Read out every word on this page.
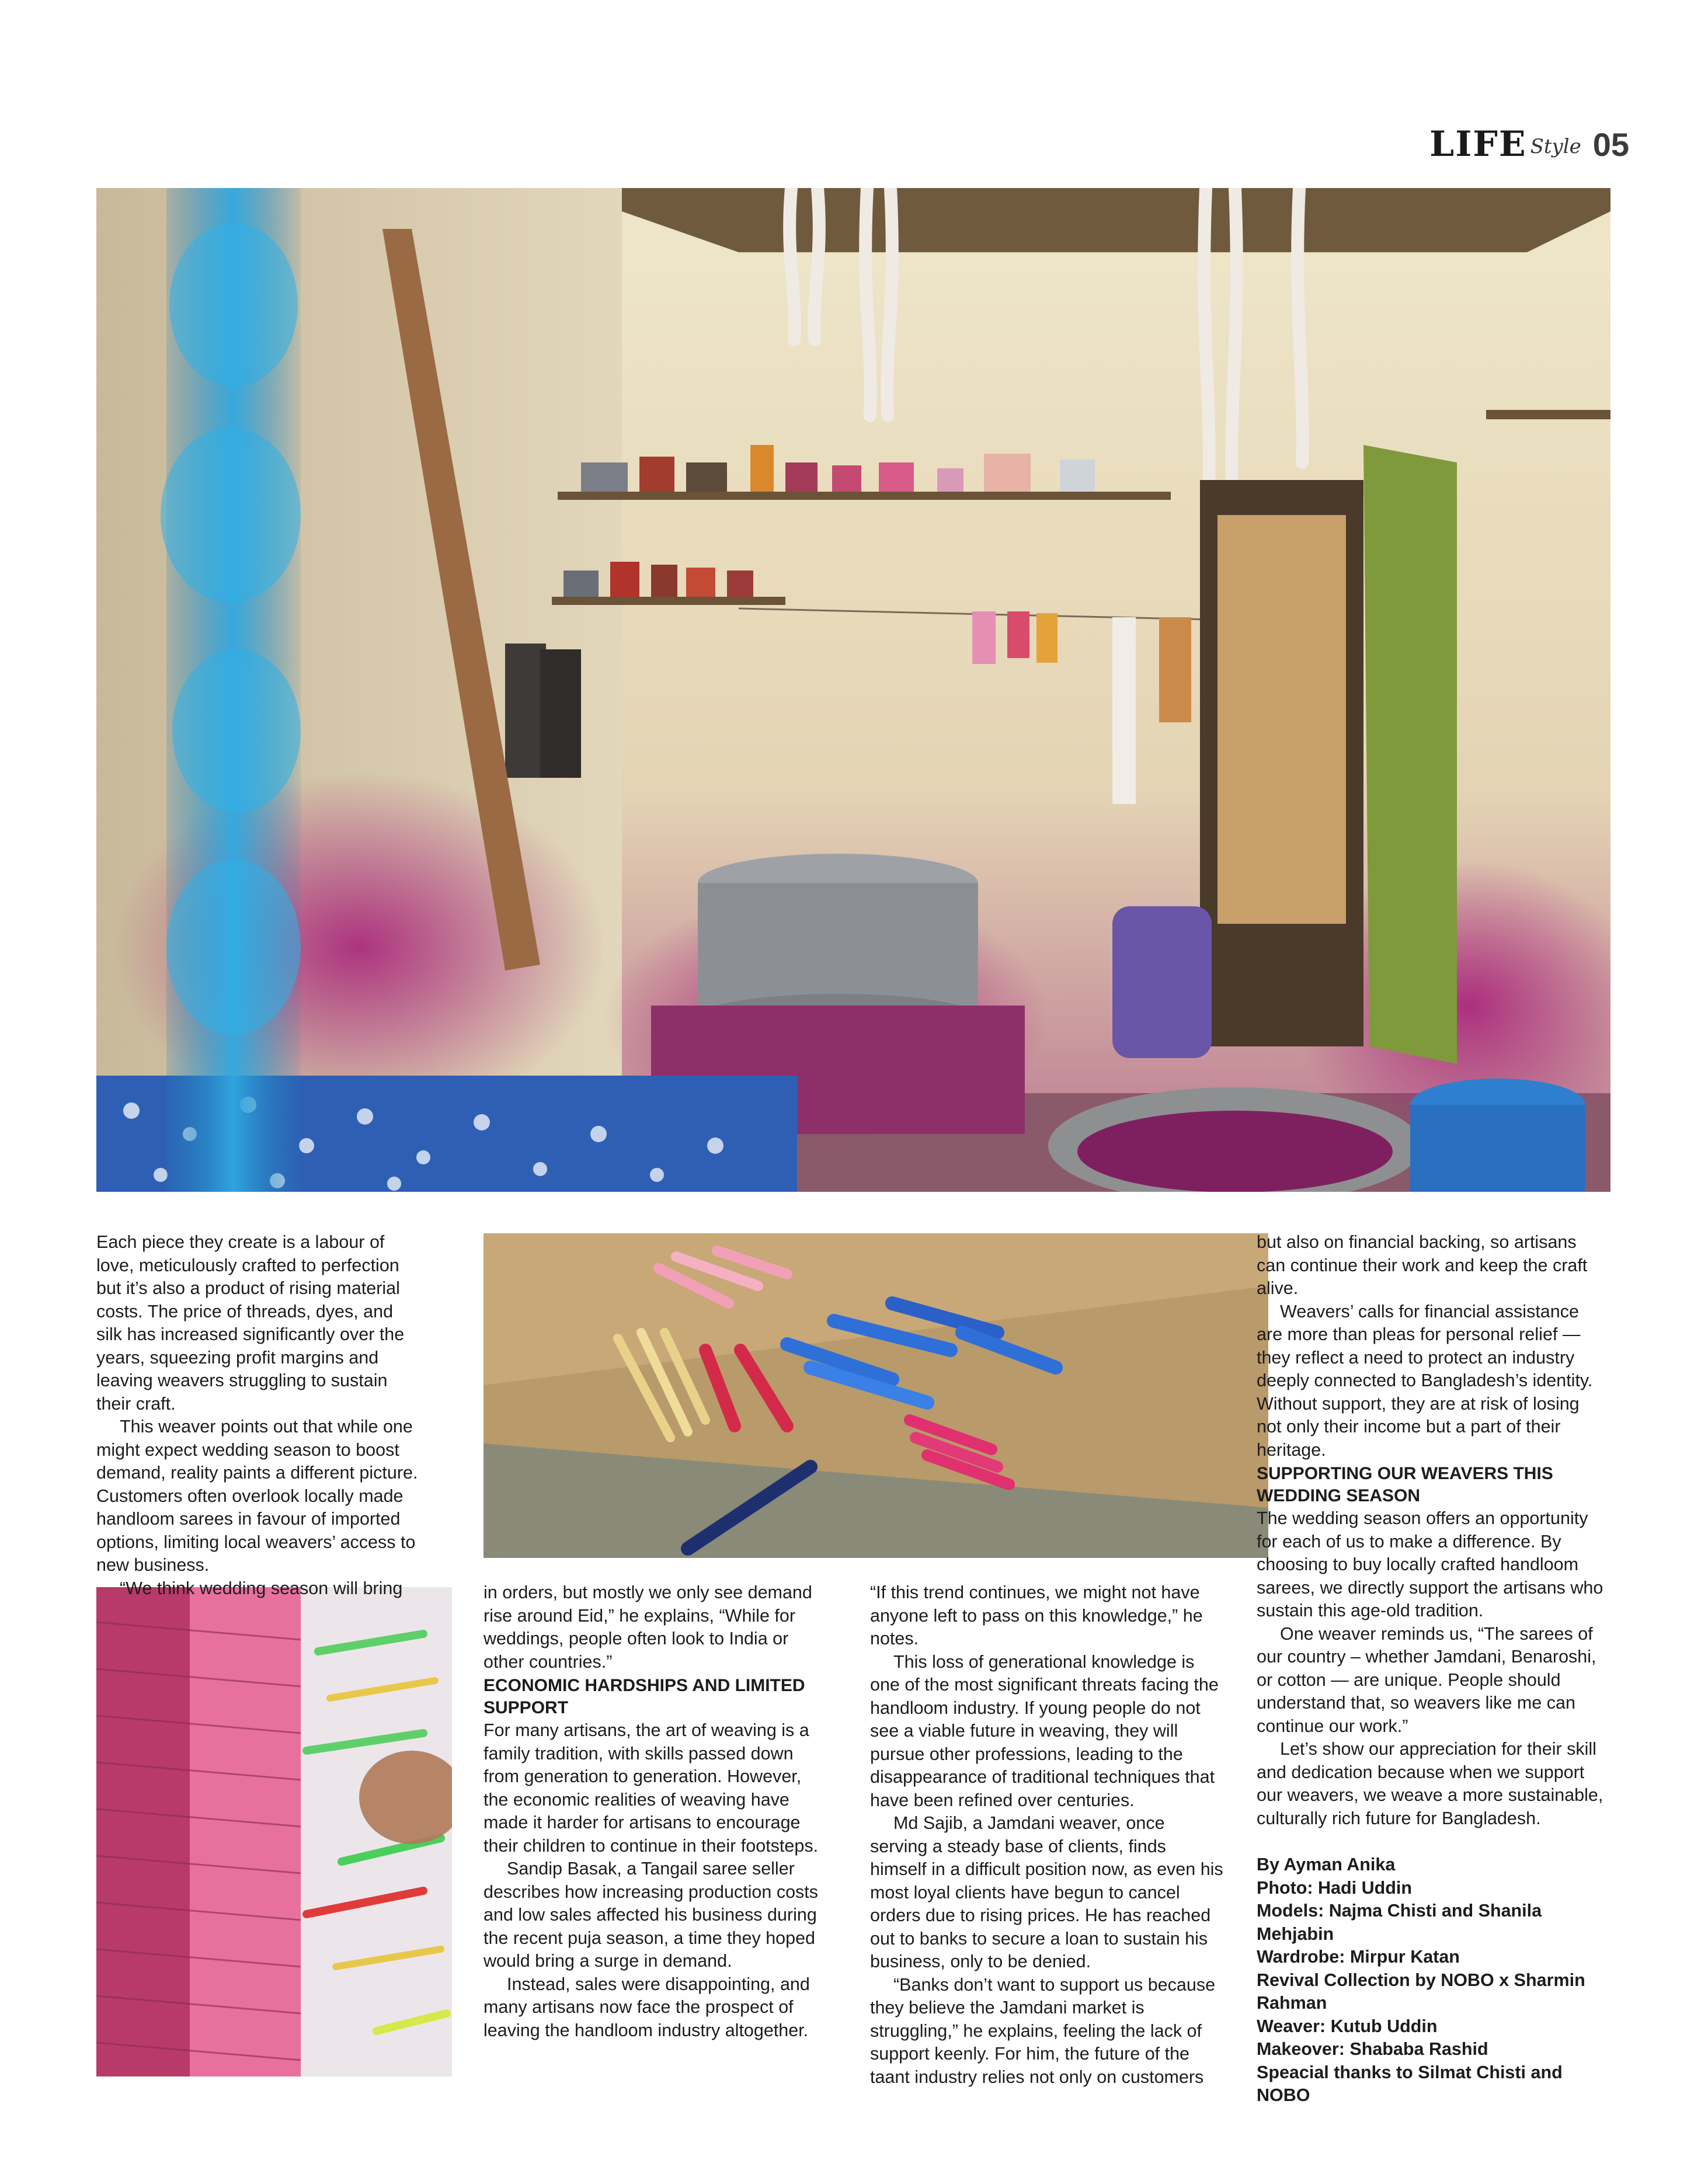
LIFE Style 05

Each piece they create is a labour of love, meticulously crafted to perfection but it’s also a product of rising material costs. The price of threads, dyes, and silk has increased significantly over the years, squeezing profit margins and leaving weavers struggling to sustain their craft.

This weaver points out that while one might expect wedding season to boost demand, reality paints a different picture. Customers often overlook locally made handloom sarees in favour of imported options, limiting local weavers’ access to new business.

“We think wedding season will bring	in orders, but mostly we only see demand rise around Eid,” he explains, “While for weddings, people often look to India or other countries.”

ECONOMIC HARDSHIPS AND LIMITED SUPPORT

For many artisans, the art of weaving is a family tradition, with skills passed down from generation to generation. However, the economic realities of weaving have made it harder for artisans to encourage their children to continue in their footsteps.

Sandip Basak, a Tangail saree seller describes how increasing production costs and low sales affected his business during the recent puja season, a time they hoped would bring a surge in demand.

Instead, sales were disappointing, and many artisans now face the prospect of leaving the handloom industry altogether.

“If this trend continues, we might not have anyone left to pass on this knowledge,” he notes.

This loss of generational knowledge is one of the most significant threats facing the handloom industry. If young people do not see a viable future in weaving, they will pursue other professions, leading to the disappearance of traditional techniques that have been refined over centuries.

Md Sajib, a Jamdani weaver, once serving a steady base of clients, finds himself in a difficult position now, as even his most loyal clients have begun to cancel orders due to rising prices. He has reached out to banks to secure a loan to sustain his business, only to be denied.

“Banks don’t want to support us because they believe the Jamdani market is struggling,” he explains, feeling the lack of support keenly. For him, the future of the taant industry relies not only on customers

but also on financial backing, so artisans can continue their work and keep the craft alive.

Weavers’ calls for financial assistance are more than pleas for personal relief — they reflect a need to protect an industry deeply connected to Bangladesh’s identity. Without support, they are at risk of losing not only their income but a part of their heritage.

SUPPORTING OUR WEAVERS THIS WEDDING SEASON

The wedding season offers an opportunity for each of us to make a difference. By choosing to buy locally crafted handloom sarees, we directly support the artisans who sustain this age-old tradition.

One weaver reminds us, “The sarees of our country – whether Jamdani, Benaroshi, or cotton — are unique. People should understand that, so weavers like me can continue our work.”

Let’s show our appreciation for their skill and dedication because when we support our weavers, we weave a more sustainable, culturally rich future for Bangladesh.

By Ayman Anika
Photo: Hadi Uddin
Models: Najma Chisti and Shanila Mehjabin
Wardrobe: Mirpur Katan
Revival Collection by NOBO x Sharmin Rahman
Weaver: Kutub Uddin
Makeover: Shababa Rashid
Speacial thanks to Silmat Chisti and NOBO
